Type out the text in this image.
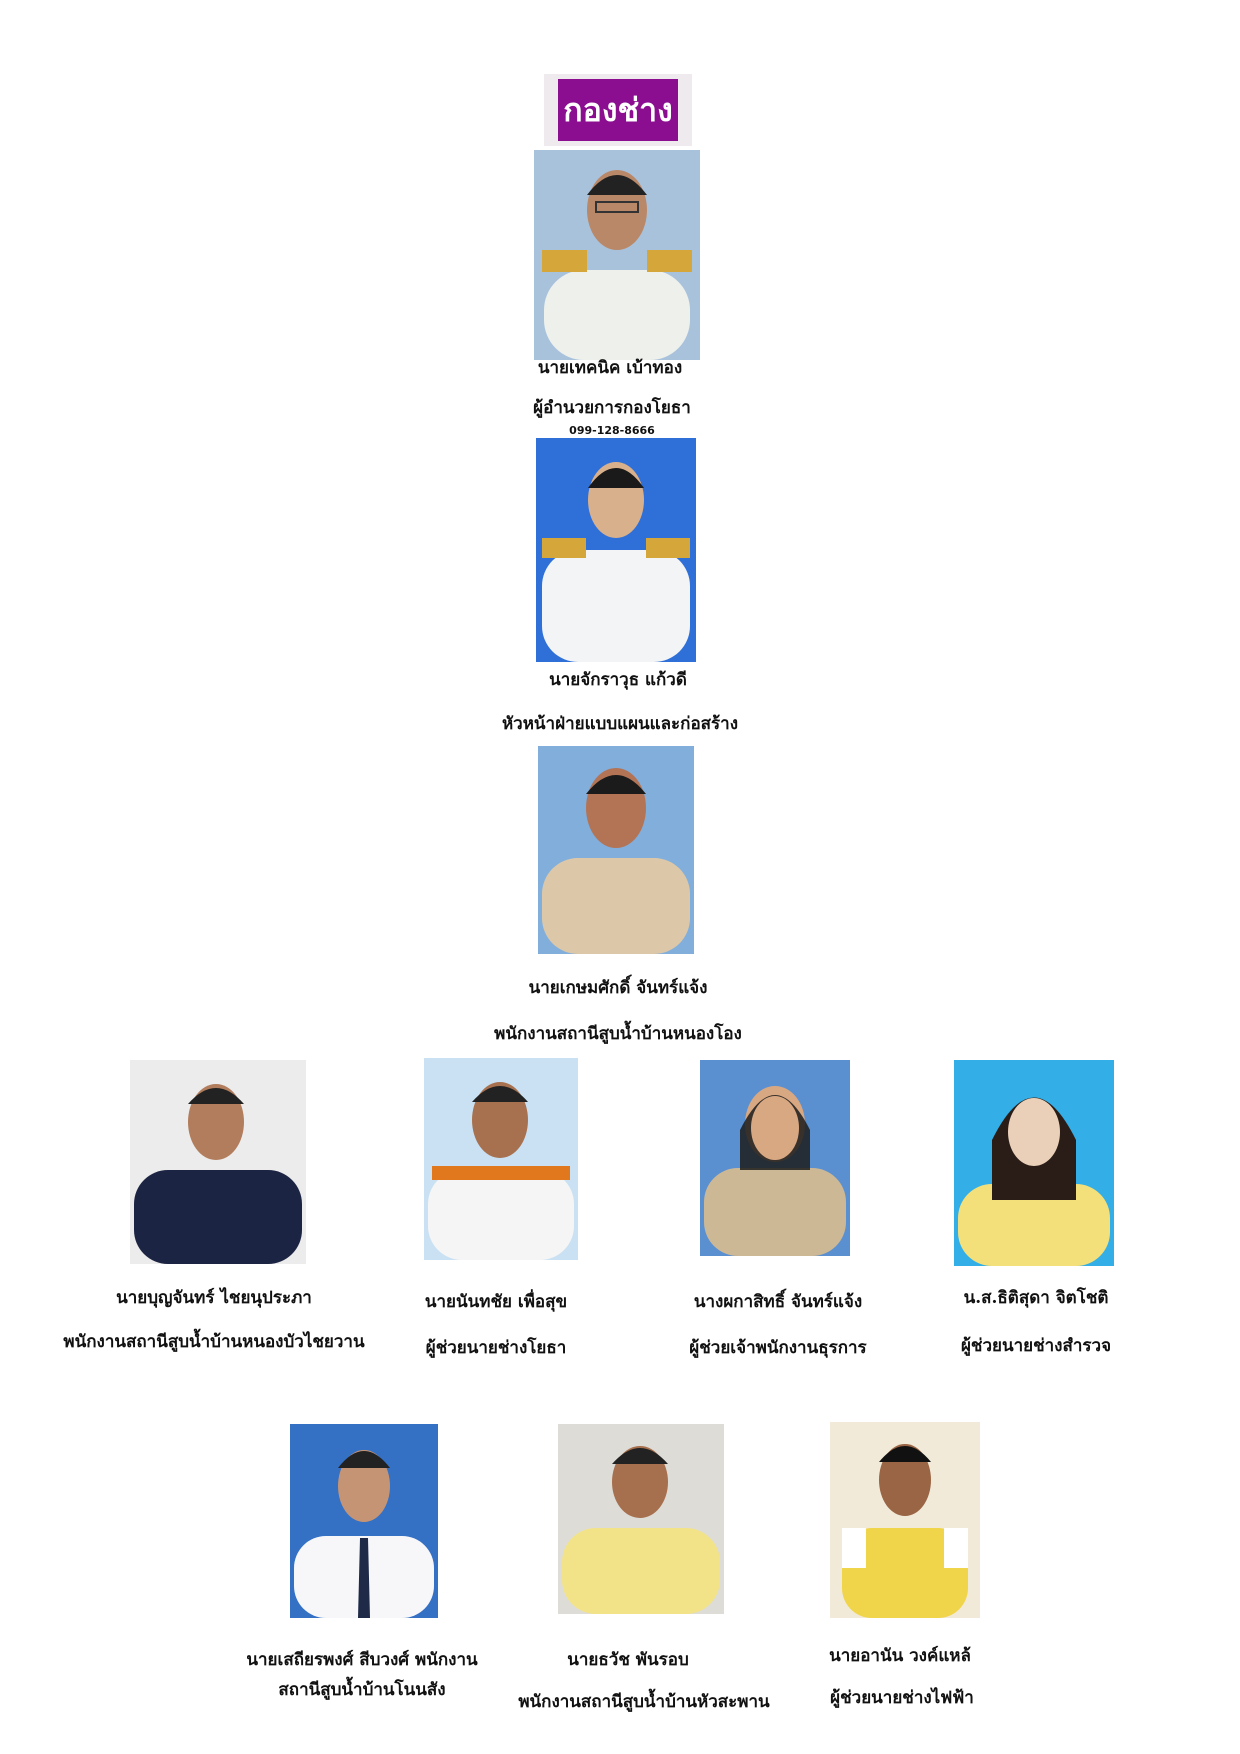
กองช่าง
นายเทคนิค เบ้าทอง
ผู้อำนวยการกองโยธา
099-128-8666
นายจักราวุธ แก้วดี
หัวหน้าฝ่ายแบบแผนและก่อสร้าง
นายเกษมศักดิ์ จันทร์แจ้ง
พนักงานสถานีสูบน้ำบ้านหนองโอง
นายบุญจันทร์ ไชยนุประภา
พนักงานสถานีสูบน้ำบ้านหนองบัวไชยวาน
นายนันทชัย เพื่อสุข
ผู้ช่วยนายช่างโยธา
นางผกาสิทธิ์ จันทร์แจ้ง
ผู้ช่วยเจ้าพนักงานธุรการ
น.ส.ธิติสุดา จิตโชติ
ผู้ช่วยนายช่างสำรวจ
นายเสถียรพงศ์ สีบวงศ์ พนักงาน
สถานีสูบน้ำบ้านโนนสัง
นายธวัช พันรอบ
พนักงานสถานีสูบน้ำบ้านหัวสะพาน
นายอานัน วงค์แหล้
ผู้ช่วยนายช่างไฟฟ้า
